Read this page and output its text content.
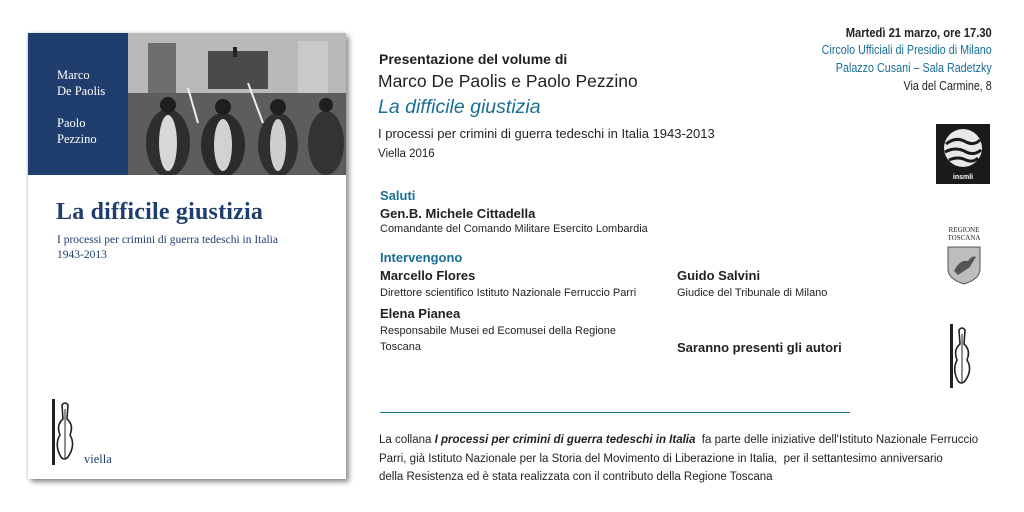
Marco
De Paolis
Paolo
Pezzino
La difficile giustizia
I processi per crimini di guerra tedeschi in Italia
1943-2013
viella
Martedì 21 marzo, ore 17.30
Circolo Ufficiali di Presidio di Milano
Palazzo Cusani – Sala Radetzky
Via del Carmine, 8
Presentazione del volume di
Marco De Paolis e Paolo Pezzino
La difficile giustizia
I processi per crimini di guerra tedeschi in Italia 1943-2013
Viella 2016
Saluti
Gen.B. Michele Cittadella
Comandante del Comando Militare Esercito Lombardia
Intervengono
Marcello Flores
Direttore scientifico Istituto Nazionale Ferruccio Parri
Guido Salvini
Giudice del Tribunale di Milano
Elena Pianea
Responsabile Musei ed Ecomusei della Regione
Toscana	Saranno presenti gli autori
La collana I processi per crimini di guerra tedeschi in Italia  fa parte delle iniziative dell'Istituto Nazionale Ferruccio
Parri, già Istituto Nazionale per la Storia del Movimento di Liberazione in Italia,  per il settantesimo anniversario
della Resistenza ed è stata realizzata con il contributo della Regione Toscana
insmli
REGIONE
TOSCANA
